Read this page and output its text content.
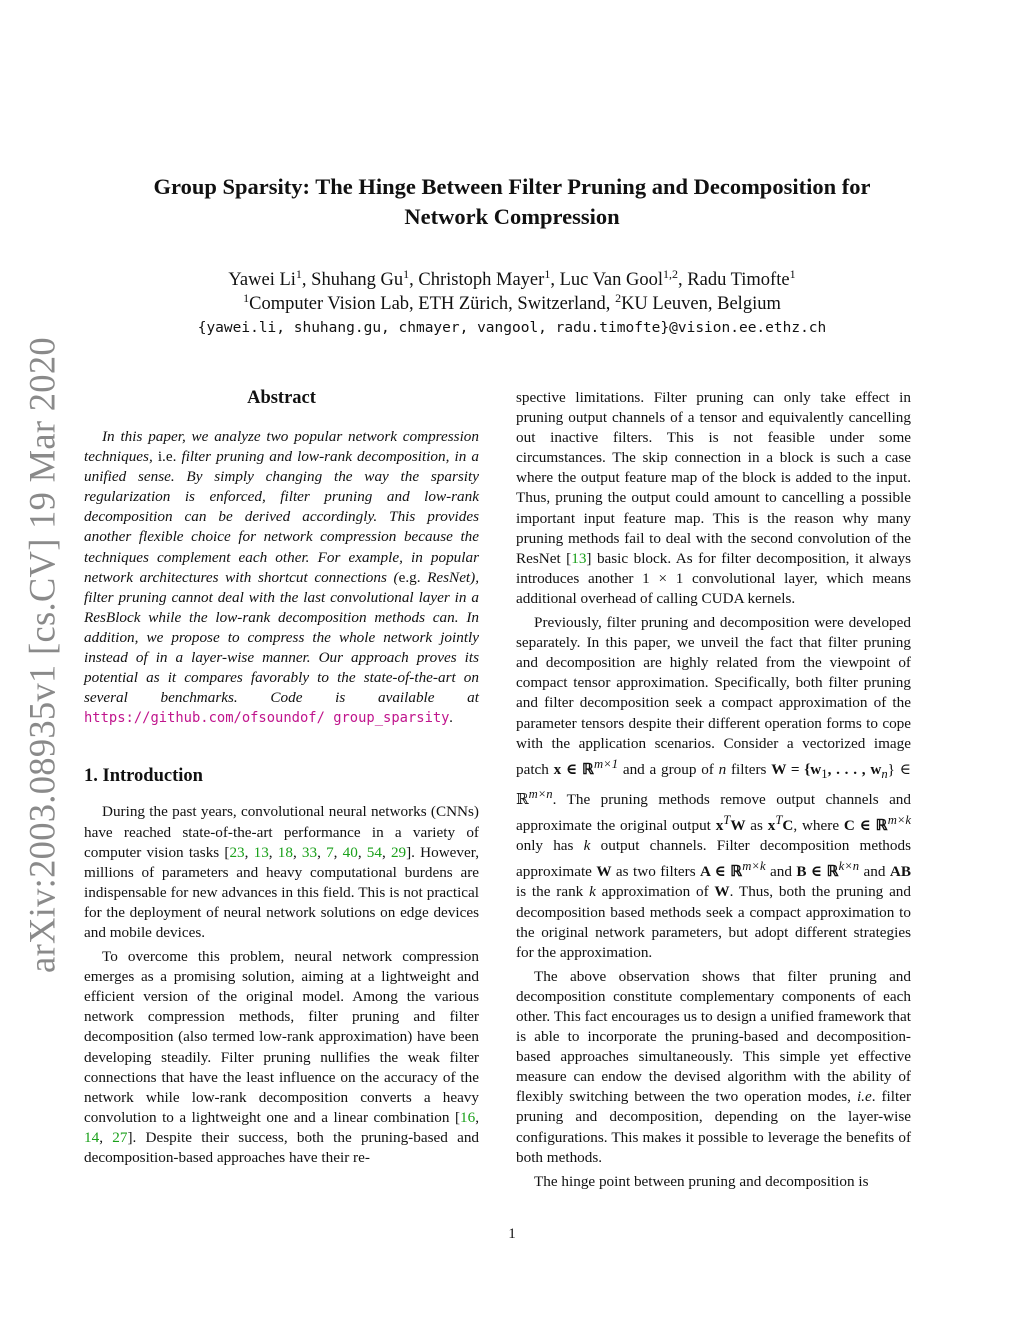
arXiv:2003.08935v1 [cs.CV] 19 Mar 2020
Group Sparsity: The Hinge Between Filter Pruning and Decomposition for
Network Compression
Yawei Li$^1$, Shuhang Gu$^1$, Christoph Mayer$^1$, Luc Van Gool$^{1,2}$, Radu Timofte$^1$
$^1$Computer Vision Lab, ETH Zürich, Switzerland, $^2$KU Leuven, Belgium
{yawei.li, shuhang.gu, chmayer, vangool, radu.timofte}@vision.ee.ethz.ch
Abstract

In this paper, we analyze two popular network compression techniques, i.e. filter pruning and low-rank decomposition, in a unified sense. By simply changing the way the sparsity regularization is enforced, filter pruning and low-rank decomposition can be derived accordingly. This provides another flexible choice for network compression because the techniques complement each other. For example, in popular network architectures with shortcut connections (e.g. ResNet), filter pruning cannot deal with the last convolutional layer in a ResBlock while the low-rank decomposition methods can. In addition, we propose to compress the whole network jointly instead of in a layer-wise manner. Our approach proves its potential as it compares favorably to the state-of-the-art on several benchmarks. Code is available at https://github.com/ofsoundof/ group_sparsity.

1. Introduction

During the past years, convolutional neural networks (CNNs) have reached state-of-the-art performance in a variety of computer vision tasks [23, 13, 18, 33, 7, 40, 54, 29]. However, millions of parameters and heavy computational burdens are indispensable for new advances in this field. This is not practical for the deployment of neural network solutions on edge devices and mobile devices.

To overcome this problem, neural network compression emerges as a promising solution, aiming at a lightweight and efficient version of the original model. Among the various network compression methods, filter pruning and filter decomposition (also termed low-rank approximation) have been developing steadily. Filter pruning nullifies the weak filter connections that have the least influence on the accuracy of the network while low-rank decomposition converts a heavy convolution to a lightweight one and a linear combination [16, 14, 27]. Despite their success, both the pruning-based and decomposition-based approaches have their re-

spective limitations. Filter pruning can only take effect in pruning output channels of a tensor and equivalently cancelling out inactive filters. This is not feasible under some circumstances. The skip connection in a block is such a case where the output feature map of the block is added to the input. Thus, pruning the output could amount to cancelling a possible important input feature map. This is the reason why many pruning methods fail to deal with the second convolution of the ResNet [13] basic block. As for filter decomposition, it always introduces another 1 × 1 convolutional layer, which means additional overhead of calling CUDA kernels.

Previously, filter pruning and decomposition were developed separately. In this paper, we unveil the fact that filter pruning and decomposition are highly related from the viewpoint of compact tensor approximation. Specifically, both filter pruning and filter decomposition seek a compact approximation of the parameter tensors despite their different operation forms to cope with the application scenarios. Consider a vectorized image patch x ∈ ℝ$^{m\times 1}$ and a group of n filters $W = \{w_1$, . . . , $w_n$} ∈ ℝ$^{m\times n}$. The pruning methods remove output channels and approximate the original output $x^TW$ as $x^TC$, where C ∈ ℝ$^{m\times k}$ only has k output channels. Filter decomposition methods approximate W as two filters A ∈ ℝ$^{m\times k}$ and B ∈ ℝ$^{k\times n}$ and AB is the rank k approximation of W. Thus, both the pruning and decomposition based methods seek a compact approximation to the original network parameters, but adopt different strategies for the approximation.

The above observation shows that filter pruning and decomposition constitute complementary components of each other. This fact encourages us to design a unified framework that is able to incorporate the pruning-based and decomposition-based approaches simultaneously. This simple yet effective measure can endow the devised algorithm with the ability of flexibly switching between the two operation modes, i.e. filter pruning and decomposition, depending on the layer-wise configurations. This makes it possible to leverage the benefits of both methods.

The hinge point between pruning and decomposition is

1
